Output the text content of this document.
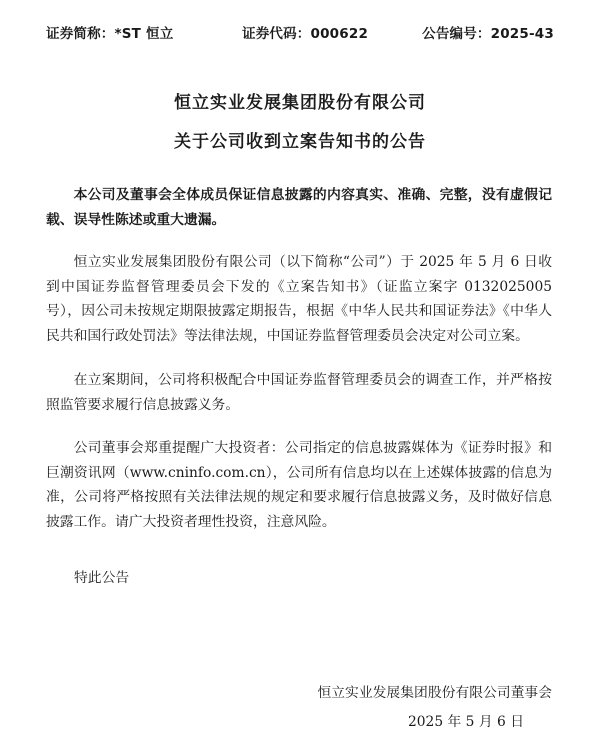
证券简称：*ST 恒立	证券代码：000622	公告编号：2025-43
恒立实业发展集团股份有限公司
关于公司收到立案告知书的公告

本公司及董事会全体成员保证信息披露的内容真实、准确、完整，没有虚假记载、误导性陈述或重大遗漏。

恒立实业发展集团股份有限公司（以下简称“公司”）于 2025 年 5 月 6 日收到中国证券监督管理委员会下发的《立案告知书》（证监立案字 0132025005 号），因公司未按规定期限披露定期报告，根据《中华人民共和国证券法》《中华人民共和国行政处罚法》等法律法规，中国证券监督管理委员会决定对公司立案。

在立案期间，公司将积极配合中国证券监督管理委员会的调查工作，并严格按照监管要求履行信息披露义务。

公司董事会郑重提醒广大投资者：公司指定的信息披露媒体为《证券时报》和巨潮资讯网（www.cninfo.com.cn），公司所有信息均以在上述媒体披露的信息为准，公司将严格按照有关法律法规的规定和要求履行信息披露义务，及时做好信息披露工作。请广大投资者理性投资，注意风险。

特此公告
恒立实业发展集团股份有限公司董事会
2025 年 5 月 6 日
